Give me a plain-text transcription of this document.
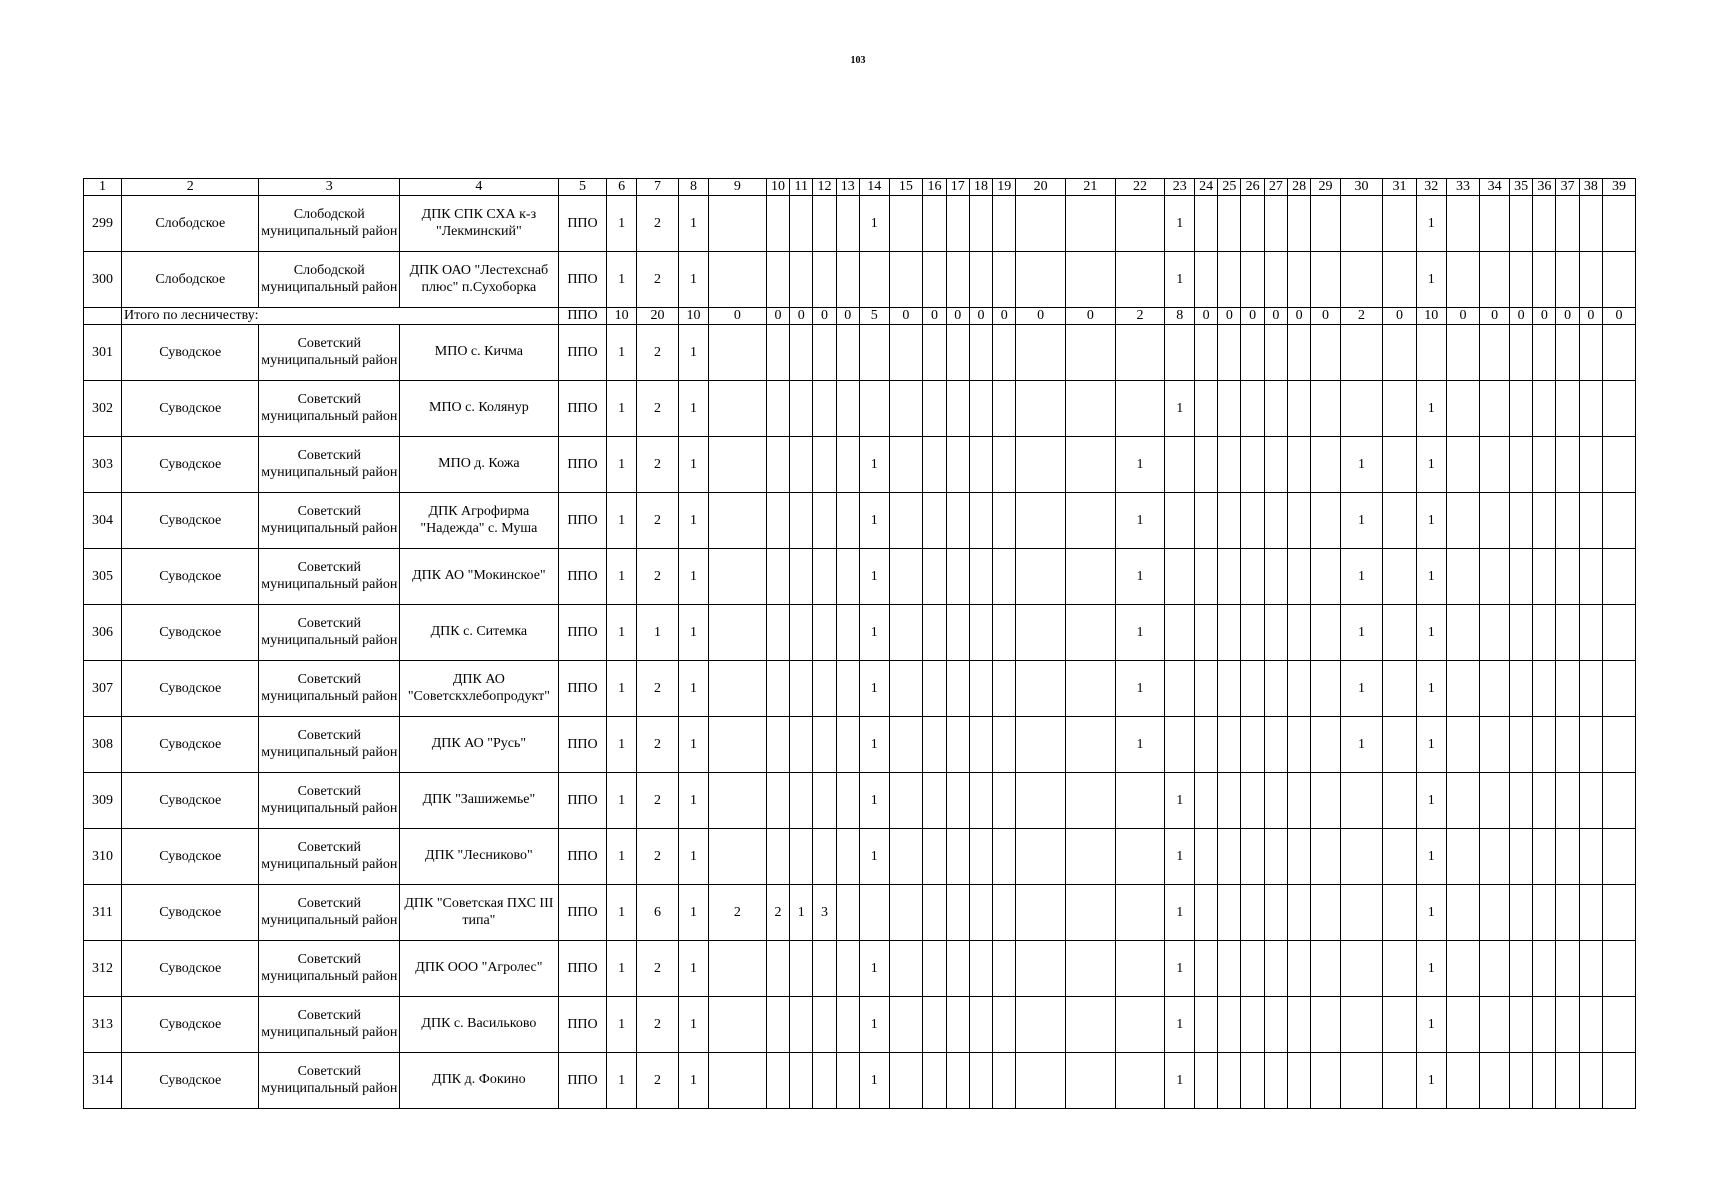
103
1	2	3	4	5	6	7	8	9	10	11	12	13	14	15	16	17	18	19	20	21	22	23	24	25	26	27	28	29	30	31	32	33	34	35	36	37	38	39
299	Слободское	Слободской муниципальный район	ДПК СПК СХА к-з "Лекминский"	ППО	1	2	1						1									1									1							
300	Слободское	Слободской муниципальный район	ДПК ОАО "Лестехснаб плюс" п.Сухоборка	ППО	1	2	1															1									1							
	Итого по лесничеству:			ППО	10	20	10	0	0	0	0	0	5	0	0	0	0	0	0	0	2	8	0	0	0	0	0	0	2	0	10	0	0	0	0	0	0	0
301	Суводское	Советский муниципальный район	МПО с. Кичма	ППО	1	2	1																															
302	Суводское	Советский муниципальный район	МПО с. Колянур	ППО	1	2	1															1									1							
303	Суводское	Советский муниципальный район	МПО д. Кожа	ППО	1	2	1						1								1								1		1							
304	Суводское	Советский муниципальный район	ДПК Агрофирма "Надежда" с. Муша	ППО	1	2	1						1								1								1		1							
305	Суводское	Советский муниципальный район	ДПК АО "Мокинское"	ППО	1	2	1						1								1								1		1							
306	Суводское	Советский муниципальный район	ДПК с. Ситемка	ППО	1	1	1						1								1								1		1							
307	Суводское	Советский муниципальный район	ДПК АО "Советскхлебопродукт"	ППО	1	2	1						1								1								1		1							
308	Суводское	Советский муниципальный район	ДПК АО "Русь"	ППО	1	2	1						1								1								1		1							
309	Суводское	Советский муниципальный район	ДПК "Зашижемье"	ППО	1	2	1						1									1									1							
310	Суводское	Советский муниципальный район	ДПК "Лесниково"	ППО	1	2	1						1									1									1							
311	Суводское	Советский муниципальный район	ДПК "Советская ПХС III типа"	ППО	1	6	1	2	2	1	3											1									1							
312	Суводское	Советский муниципальный район	ДПК ООО "Агролес"	ППО	1	2	1						1									1									1							
313	Суводское	Советский муниципальный район	ДПК с. Васильково	ППО	1	2	1						1									1									1							
314	Суводское	Советский муниципальный район	ДПК д. Фокино	ППО	1	2	1						1									1									1							
